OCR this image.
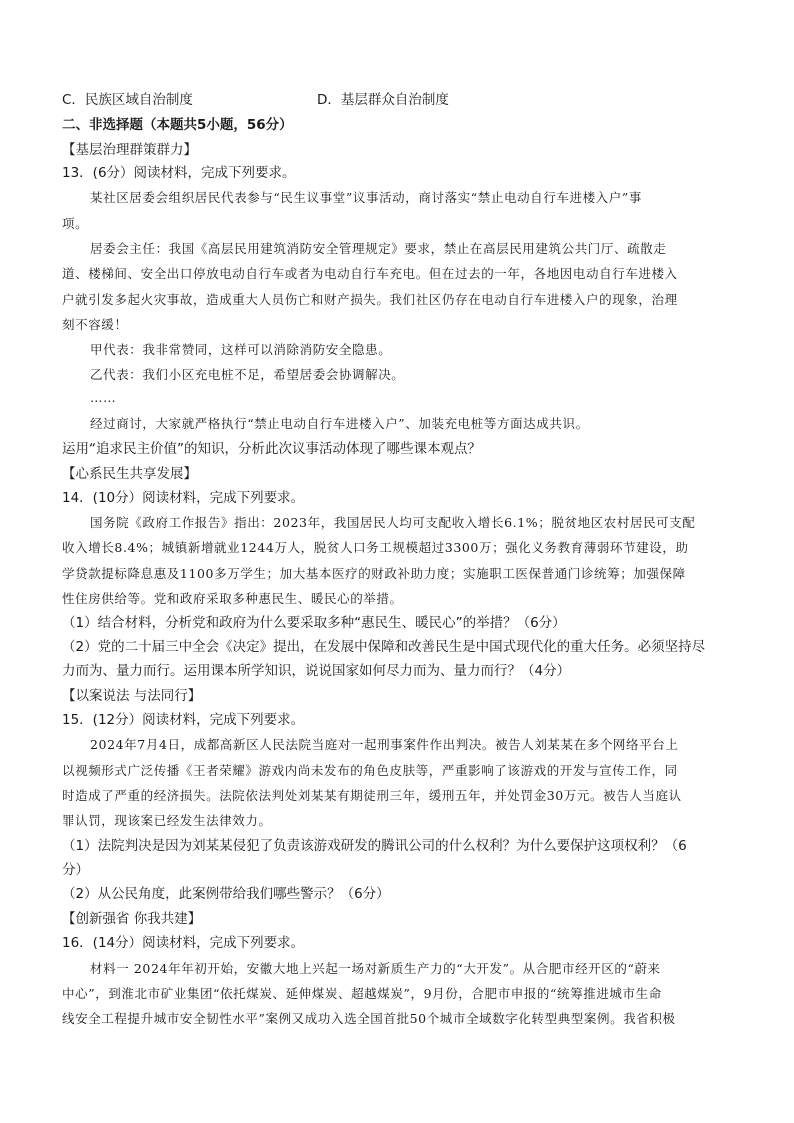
C．民族区域自治制度	D．基层群众自治制度
二、非选择题（本题共5小题，56分）
【基层治理群策群力】
13．(6分）阅读材料，完成下列要求。
某社区居委会组织居民代表参与“民生议事堂”议事活动，商讨落实“禁止电动自行车进楼入户”事
项。
居委会主任：我国《高层民用建筑消防安全管理规定》要求，禁止在高层民用建筑公共门厅、疏散走
道、楼梯间、安全出口停放电动自行车或者为电动自行车充电。但在过去的一年，各地因电动自行车进楼入
户就引发多起火灾事故，造成重大人员伤亡和财产损失。我们社区仍存在电动自行车进楼入户的现象，治理
刻不容缓！
甲代表：我非常赞同，这样可以消除消防安全隐患。
乙代表：我们小区充电桩不足，希望居委会协调解决。
……
经过商讨，大家就严格执行“禁止电动自行车进楼入户”、加装充电桩等方面达成共识。
运用“追求民主价值”的知识，分析此次议事活动体现了哪些课本观点？
【心系民生共享发展】
14．(10分）阅读材料，完成下列要求。
国务院《政府工作报告》指出：2023年，我国居民人均可支配收入增长6.1%；脱贫地区农村居民可支配
收入增长8.4%；城镇新增就业1244万人，脱贫人口务工规模超过3300万；强化义务教育薄弱环节建设，助
学贷款提标降息惠及1100多万学生；加大基本医疗的财政补助力度；实施职工医保普通门诊统筹；加强保障
性住房供给等。党和政府采取多种惠民生、暖民心的举措。
（1）结合材料，分析党和政府为什么要采取多种“惠民生、暖民心”的举措？（6分）
（2）党的二十届三中全会《决定》提出，在发展中保障和改善民生是中国式现代化的重大任务。必须坚持尽
力而为、量力而行。运用课本所学知识，说说国家如何尽力而为、量力而行？（4分）
【以案说法 与法同行】
15．(12分）阅读材料，完成下列要求。
2024年7月4日，成都高新区人民法院当庭对一起刑事案件作出判决。被告人刘某某在多个网络平台上
以视频形式广泛传播《王者荣耀》游戏内尚未发布的角色皮肤等，严重影响了该游戏的开发与宣传工作，同
时造成了严重的经济损失。法院依法判处刘某某有期徒刑三年，缓刑五年，并处罚金30万元。被告人当庭认
罪认罚，现该案已经发生法律效力。
（1）法院判决是因为刘某某侵犯了负责该游戏研发的腾讯公司的什么权利？为什么要保护这项权利？（6
分）
（2）从公民角度，此案例带给我们哪些警示？（6分）
【创新强省 你我共建】
16．(14分）阅读材料，完成下列要求。
材料一 2024年年初开始，安徽大地上兴起一场对新质生产力的“大开发”。从合肥市经开区的“蔚来
中心”，到淮北市矿业集团“依托煤炭、延伸煤炭、超越煤炭”，9月份，合肥市申报的“统筹推进城市生命
线安全工程提升城市安全韧性水平”案例又成功入选全国首批50个城市全域数字化转型典型案例。我省积极
